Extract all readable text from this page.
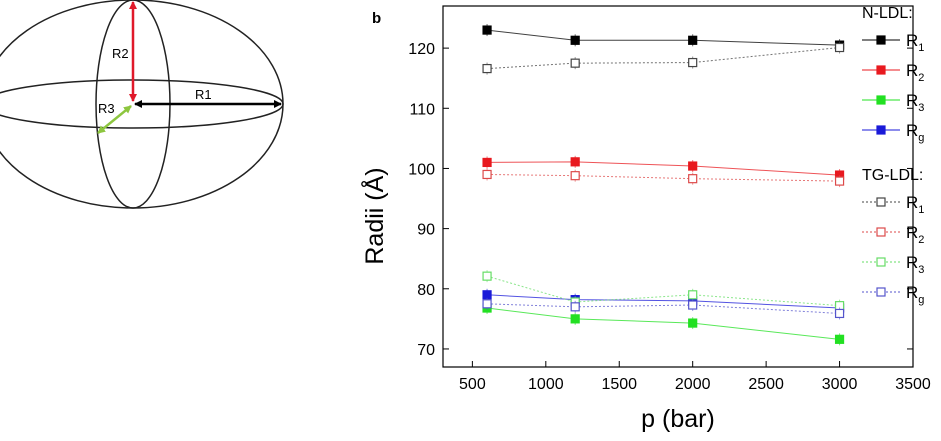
R1
R2
R3
b
70
80
90
100
110
120
500	1000 1500 2000 2500 3000 3500
Radii (Å)
p (bar)
N-LDL:
$R_1$
$R_2$
$R_3$
$R_g$
TG-LDL:
$R_1$
$R_2$
$R_3$
$R_g$
